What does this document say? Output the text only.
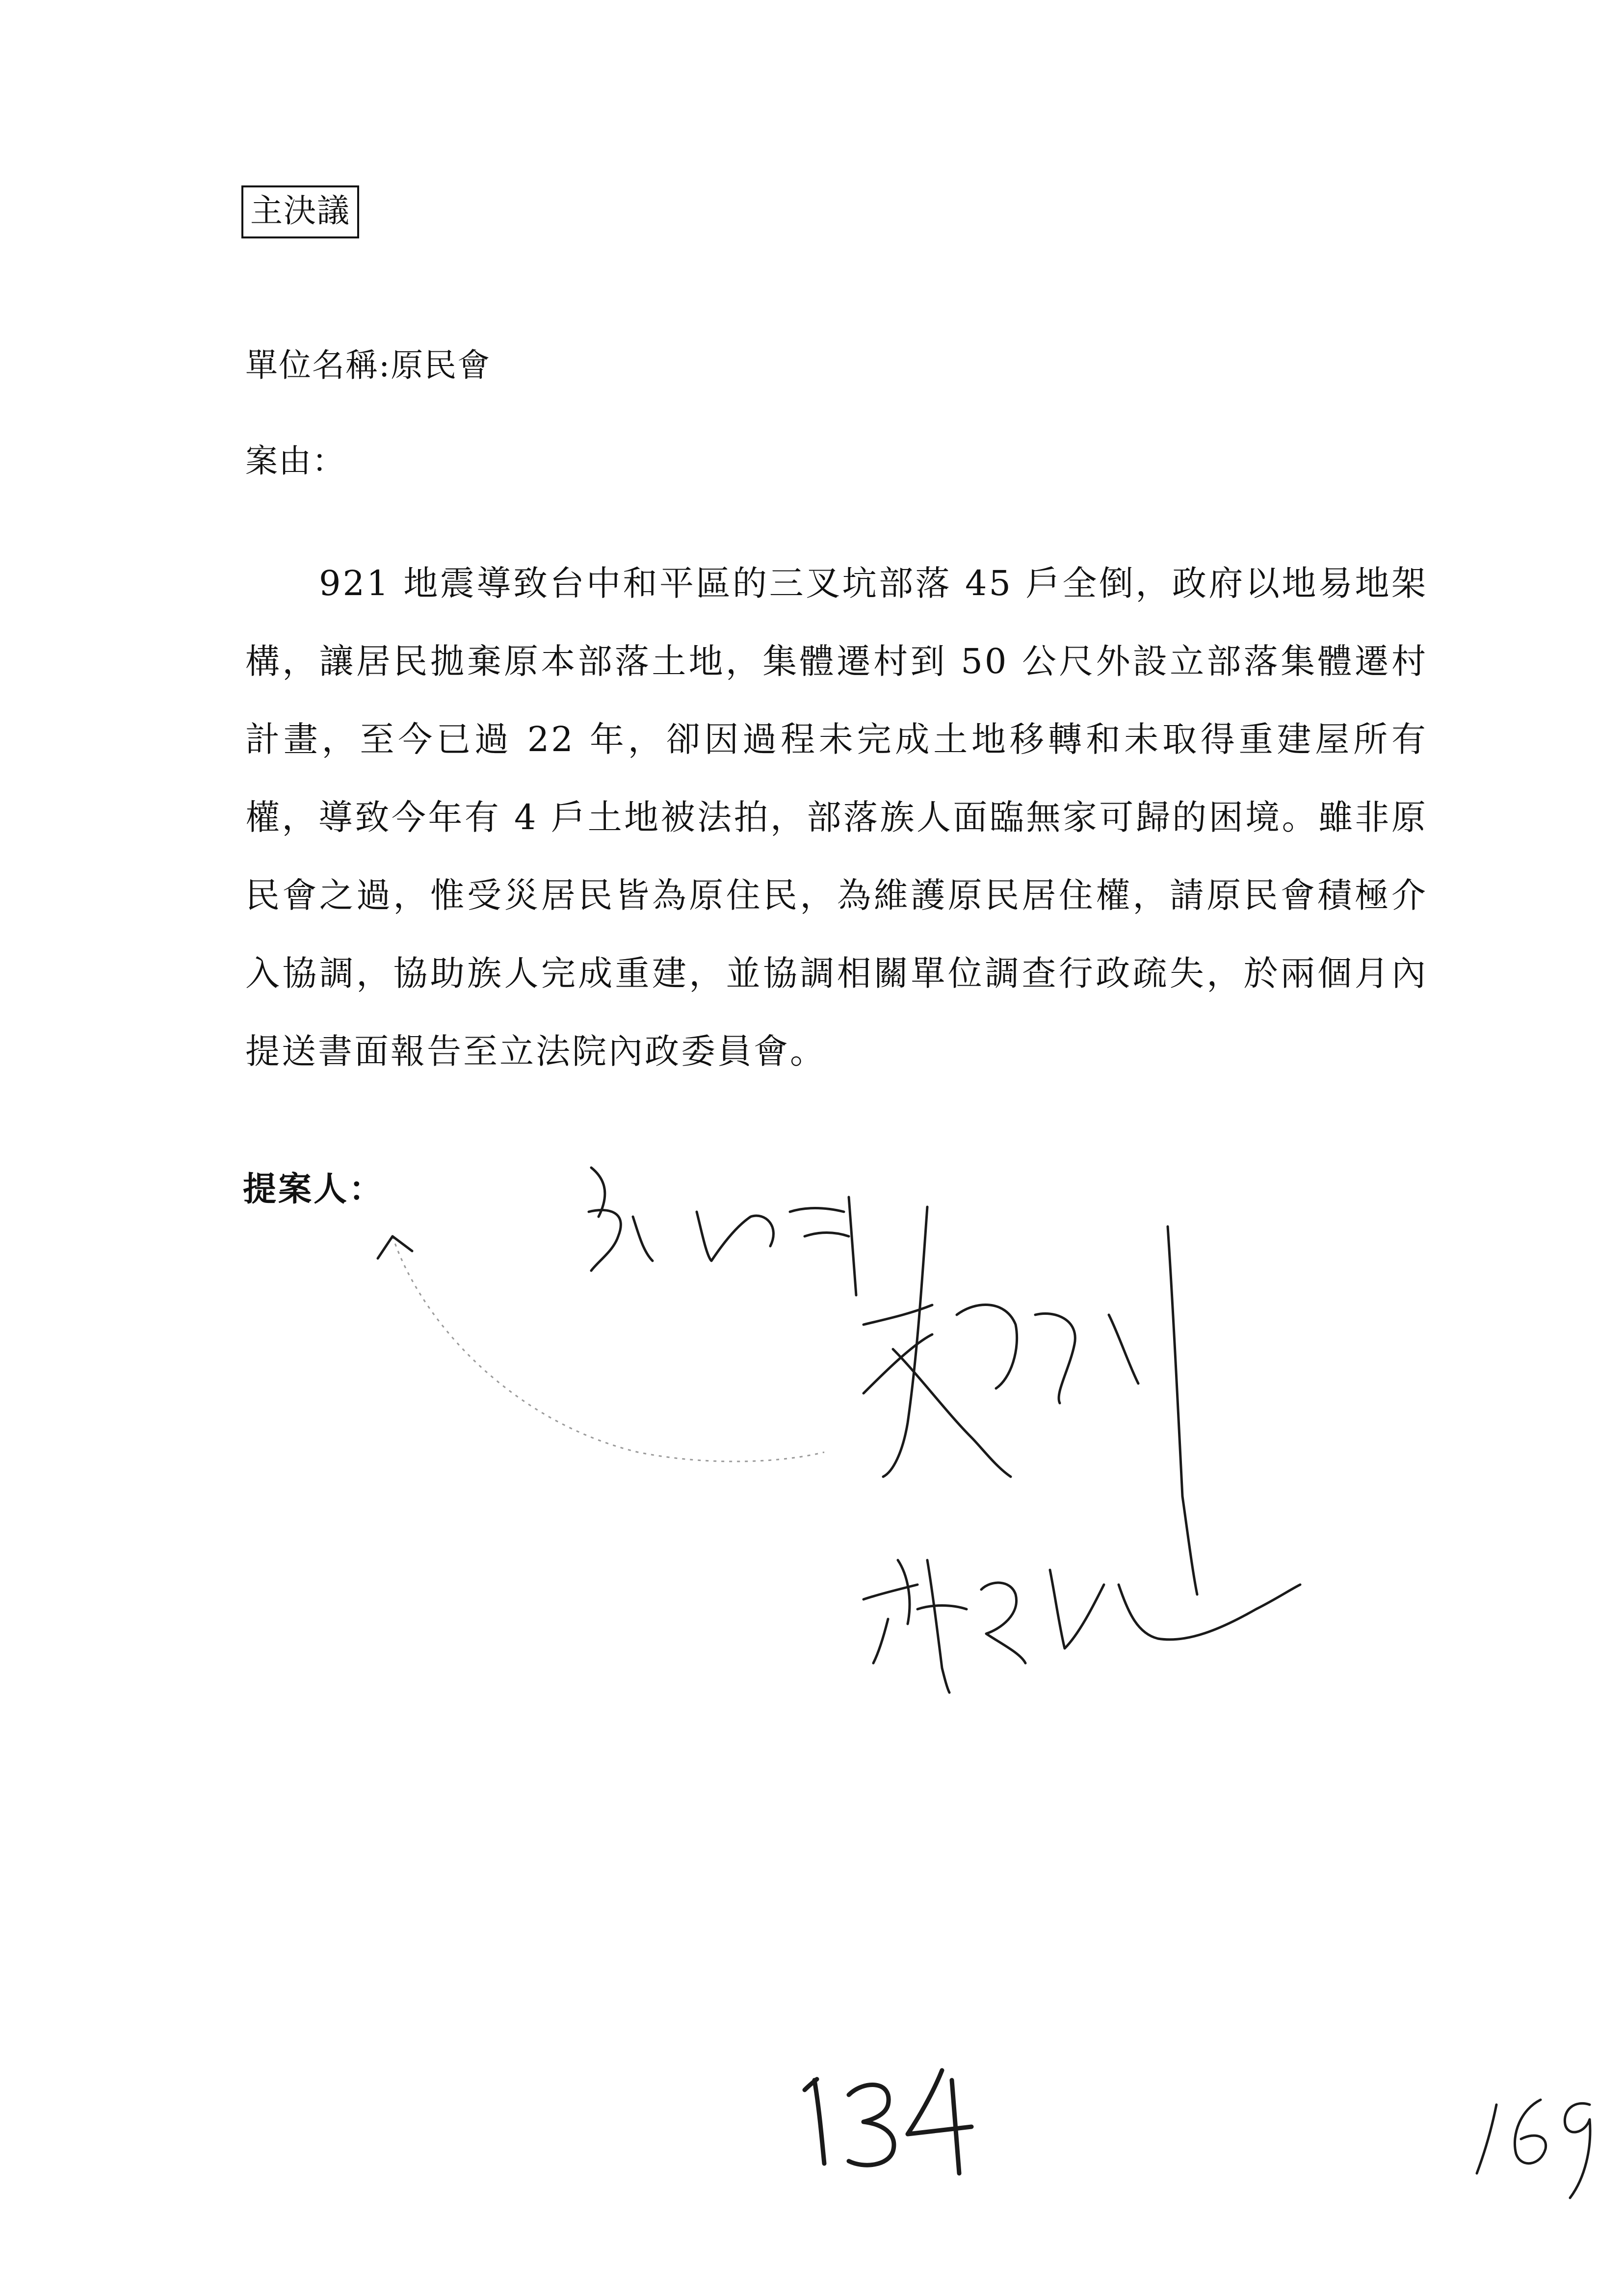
主決議
單位名稱:原民會
案由：

921 地震導致台中和平區的三叉坑部落 45 戶全倒，政府以地易地架構，讓居民拋棄原本部落土地，集體遷村到 50 公尺外設立部落集體遷村計畫，至今已過 22 年，卻因過程未完成土地移轉和未取得重建屋所有權，導致今年有 4 戶土地被法拍，部落族人面臨無家可歸的困境。雖非原民會之過，惟受災居民皆為原住民，為維護原民居住權，請原民會積極介入協調，協助族人完成重建，並協調相關單位調查行政疏失，於兩個月內提送書面報告至立法院內政委員會。

提案人：
